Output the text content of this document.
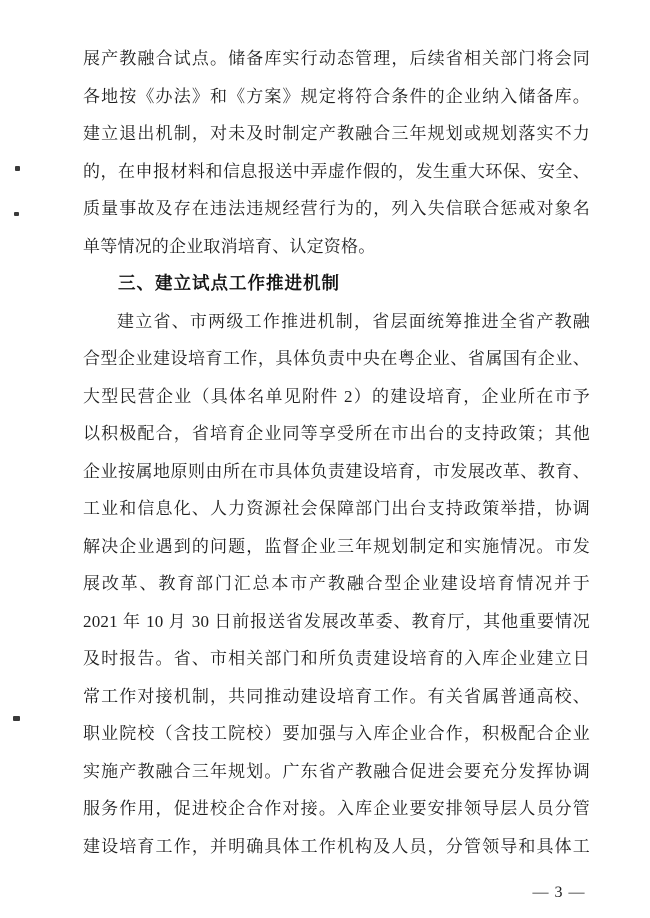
展产教融合试点。储备库实行动态管理，后续省相关部门将会同
各地按《办法》和《方案》规定将符合条件的企业纳入储备库。
建立退出机制，对未及时制定产教融合三年规划或规划落实不力
的，在申报材料和信息报送中弄虚作假的，发生重大环保、安全、
质量事故及存在违法违规经营行为的，列入失信联合惩戒对象名
单等情况的企业取消培育、认定资格。
三、建立试点工作推进机制
建立省、市两级工作推进机制，省层面统筹推进全省产教融
合型企业建设培育工作，具体负责中央在粤企业、省属国有企业、
大型民营企业（具体名单见附件 2）的建设培育，企业所在市予
以积极配合，省培育企业同等享受所在市出台的支持政策；其他
企业按属地原则由所在市具体负责建设培育，市发展改革、教育、
工业和信息化、人力资源社会保障部门出台支持政策举措，协调
解决企业遇到的问题，监督企业三年规划制定和实施情况。市发
展改革、教育部门汇总本市产教融合型企业建设培育情况并于
2021 年 10 月 30 日前报送省发展改革委、教育厅，其他重要情况
及时报告。省、市相关部门和所负责建设培育的入库企业建立日
常工作对接机制，共同推动建设培育工作。有关省属普通高校、
职业院校（含技工院校）要加强与入库企业合作，积极配合企业
实施产教融合三年规划。广东省产教融合促进会要充分发挥协调
服务作用，促进校企合作对接。入库企业要安排领导层人员分管
建设培育工作，并明确具体工作机构及人员，分管领导和具体工
— 3 —
